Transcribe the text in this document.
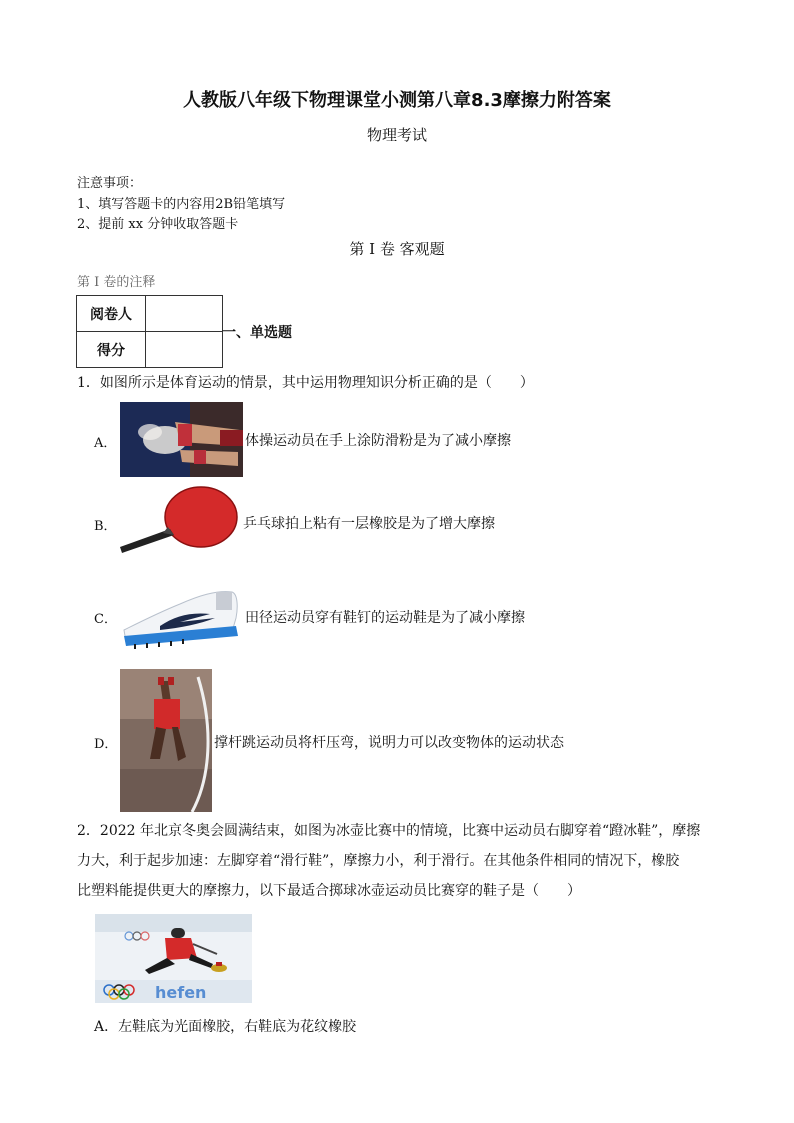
人教版八年级下物理课堂小测第八章8.3摩擦力附答案
物理考试
注意事项：
1、填写答题卡的内容用2B铅笔填写
2、提前 xx 分钟收取答题卡
第 I 卷 客观题
第 I 卷的注释
阅卷人	
得分	
一、单选题
1．如图所示是体育运动的情景，其中运用物理知识分析正确的是（　　）
A．	体操运动员在手上涂防滑粉是为了减小摩擦
B．	乒乓球拍上粘有一层橡胶是为了增大摩擦
C．	田径运动员穿有鞋钉的运动鞋是为了减小摩擦
D．	撑杆跳运动员将杆压弯，说明力可以改变物体的运动状态
2．2022 年北京冬奥会圆满结束，如图为冰壶比赛中的情境，比赛中运动员右脚穿着“蹬冰鞋”，摩擦
力大，利于起步加速：左脚穿着“滑行鞋”，摩擦力小，利于滑行。在其他条件相同的情况下，橡胶
比塑料能提供更大的摩擦力，以下最适合掷球冰壶运动员比赛穿的鞋子是（　　）
hefen
A．左鞋底为光面橡胶，右鞋底为花纹橡胶
